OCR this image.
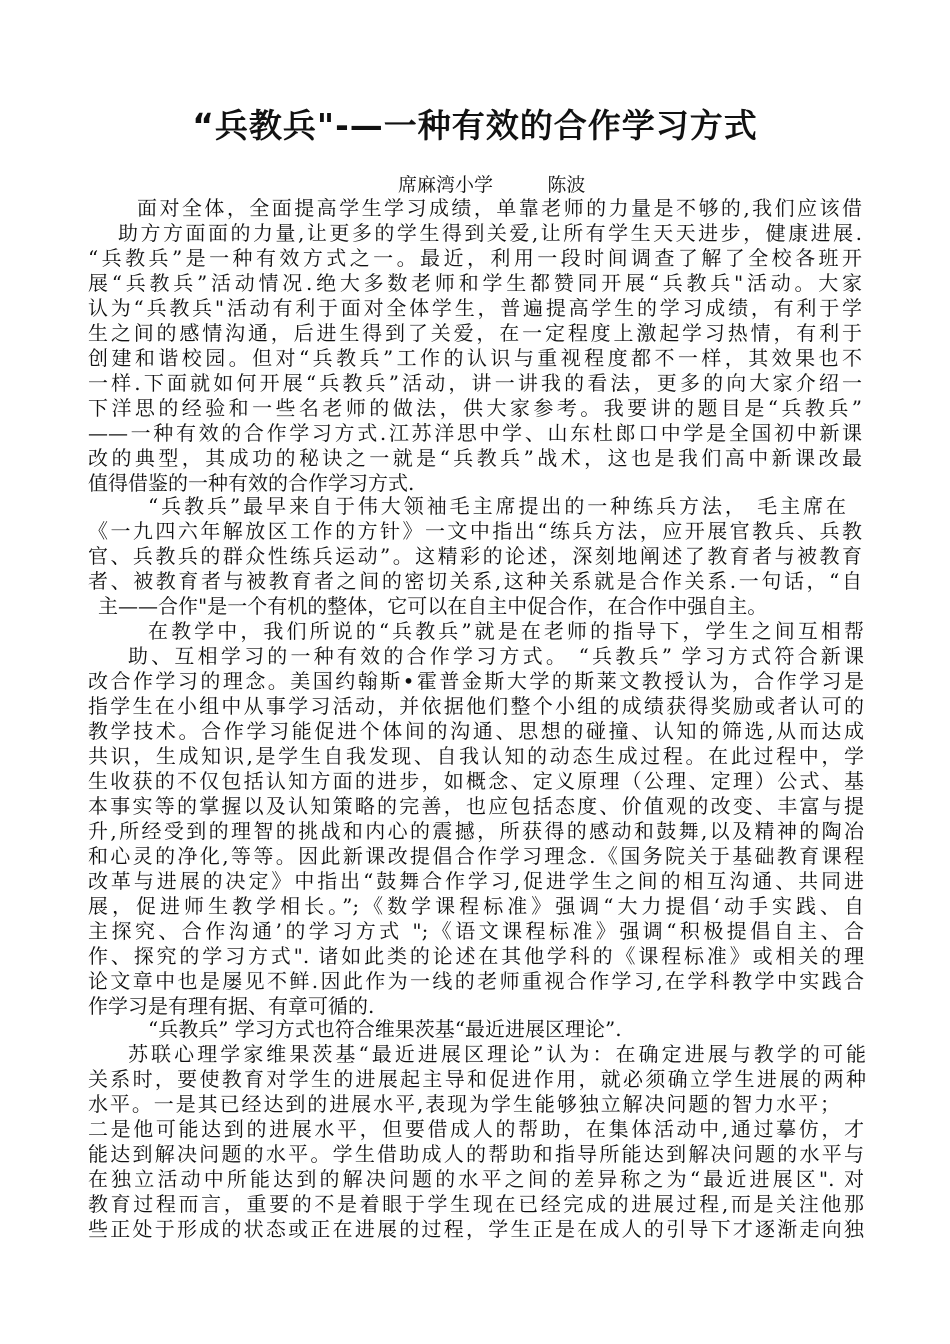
“兵教兵"-—一种有效的合作学习方式
席麻湾小学         陈波
面对全体，全面提高学生学习成绩，单靠老师的力量是不够的,我们应该借
助方方面面的力量,让更多的学生得到关爱,让所有学生天天进步，健康进展.
“兵教兵”是一种有效方式之一。最近，利用一段时间调查了解了全校各班开
展“兵教兵”活动情况.绝大多数老师和学生都赞同开展“兵教兵"活动。大家
认为“兵教兵"活动有利于面对全体学生，普遍提高学生的学习成绩，有利于学
生之间的感情沟通，后进生得到了关爱，在一定程度上激起学习热情，有利于
创建和谐校园。但对“兵教兵”工作的认识与重视程度都不一样，其效果也不
一样.下面就如何开展“兵教兵”活动，讲一讲我的看法，更多的向大家介绍一
下洋思的经验和一些名老师的做法，供大家参考。我要讲的题目是“兵教兵”
——一种有效的合作学习方式.江苏洋思中学、山东杜郎口中学是全国初中新课
改的典型，其成功的秘诀之一就是“兵教兵”战术，这也是我们高中新课改最
值得借鉴的一种有效的合作学习方式.
“兵教兵”最早来自于伟大领袖毛主席提出的一种练兵方法， 毛主席在
《一九四六年解放区工作的方针》一文中指出“练兵方法，应开展官教兵、兵教
官、兵教兵的群众性练兵运动”。这精彩的论述，深刻地阐述了教育者与被教育
者、被教育者与被教育者之间的密切关系,这种关系就是合作关系.一句话，“自
主——合作"是一个有机的整体，它可以在自主中促合作，在合作中强自主。
在教学中，我们所说的“兵教兵”就是在老师的指导下，学生之间互相帮
助、互相学习的一种有效的合作学习方式。 “兵教兵” 学习方式符合新课
改合作学习的理念。美国约翰斯•霍普金斯大学的斯莱文教授认为，合作学习是
指学生在小组中从事学习活动，并依据他们整个小组的成绩获得奖励或者认可的
教学技术。合作学习能促进个体间的沟通、思想的碰撞、认知的筛选,从而达成
共识，生成知识,是学生自我发现、自我认知的动态生成过程。在此过程中，学
生收获的不仅包括认知方面的进步，如概念、定义原理（公理、定理）公式、基
本事实等的掌握以及认知策略的完善，也应包括态度、价值观的改变、丰富与提
升,所经受到的理智的挑战和内心的震撼，所获得的感动和鼓舞,以及精神的陶冶
和心灵的净化,等等。因此新课改提倡合作学习理念.《国务院关于基础教育课程
改革与进展的决定》中指出“鼓舞合作学习,促进学生之间的相互沟通、共同进
展，促进师生教学相长。”;《数学课程标准》强调“大力提倡‘动手实践、自
主探究、合作沟通’的学习方式 ";《语文课程标准》强调“积极提倡自主、合
作、探究的学习方式". 诸如此类的论述在其他学科的《课程标准》或相关的理
论文章中也是屡见不鲜.因此作为一线的老师重视合作学习,在学科教学中实践合
作学习是有理有据、有章可循的.
“兵教兵” 学习方式也符合维果茨基“最近进展区理论”.
苏联心理学家维果茨基“最近进展区理论”认为：在确定进展与教学的可能
关系时，要使教育对学生的进展起主导和促进作用，就必须确立学生进展的两种
水平。一是其已经达到的进展水平,表现为学生能够独立解决问题的智力水平；
二是他可能达到的进展水平，但要借成人的帮助，在集体活动中,通过摹仿，才
能达到解决问题的水平。学生借助成人的帮助和指导所能达到解决问题的水平与
在独立活动中所能达到的解决问题的水平之间的差异称之为“最近进展区". 对
教育过程而言，重要的不是着眼于学生现在已经完成的进展过程,而是关注他那
些正处于形成的状态或正在进展的过程，学生正是在成人的引导下才逐渐走向独
